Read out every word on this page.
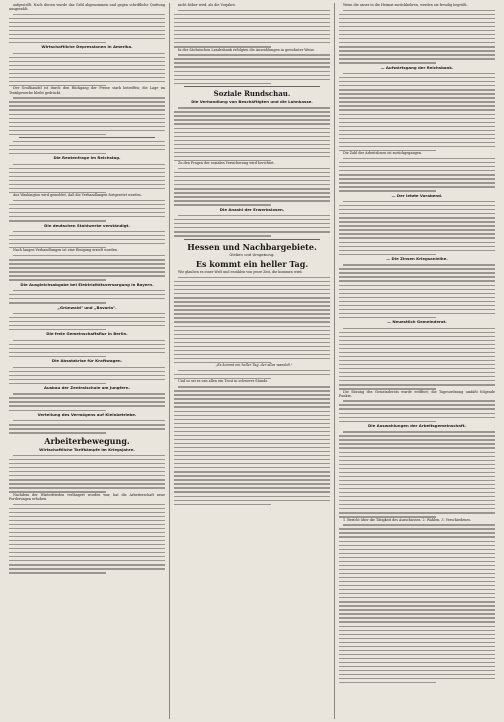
aufgestellt. Nach diesen wurde das Geld abgenommen und gegen schriftliche Quittung ausgezahlt.

Wirtschaftliche Depressionen in Amerika.

Der Großhandel ist durch den Rückgang der Preise stark betroffen; die Lage im Textilgewerbe bleibt gedrückt.

Die Rentenfrage im Reichstag.

Aus Washington wird gemeldet, daß die Verhandlungen fortgesetzt werden.

Die deutschen Stahlwerke verständigt.

Nach langen Verhandlungen ist eine Einigung erzielt worden.

Die Ausgleichsabgabe bei Elektrizitätsversorgung in Bayern.
„Grünwald" und „Bavaria".
Die freie Gemeinschaftsflur in Berlin.
Die Absatzkrise für Kraftwagen.
Ausbau der Zentralschule am Jungfern.
Verteilung des Vermögens auf Kleinbetriebe.
Arbeiterbewegung.
Wirtschaftliche Tarifkämpfe im Kriegsjahre.

Nachdem der Winterfrieden verlängert worden war, hat die Arbeiterschaft neue Forderungen erhoben.

nicht höher wird, als die Vorjahre.

In der Sächsischen Landesbank erfolgten die Auszahlungen in gewohnter Weise.

Soziale Rundschau.
Die Verhandlung von Beschäftigten und die Lohnkasse.

Zu den Fragen der sozialen Versicherung wird berichtet.

Die Anzahl der Erwerbslosen.
Hessen und Nachbargebiete.
Gießen und Umgebung.
Es kommt ein heller Tag.

Wir glauben es einer Welt und erzählen von jener Zeit, die kommen wird.

„Es kommt ein heller Tag, der alles wandelt."

Und so sei es uns allen ein Trost in schwerer Stunde.

Wenn die unser in die Heimat zurückkehren, werden sie freudig begrüßt.

— Aufwärtsgang der Reichsbank.

Die Zahl der Arbeitslosen ist zurückgegangen.

— Der letzte Vorabend.
— Die Zinsen Kriegsanleihe.
— Neuestlich Gemeinderat.

Die Sitzung des Gemeinderats wurde eröffnet; die Tagesordnung umfaßt folgende Punkte.

Die Auswahlungen der Arbeitsgemeinschaft.

1. Bericht über die Tätigkeit des Ausschusses. 2. Wahlen. 3. Verschiedenes.
